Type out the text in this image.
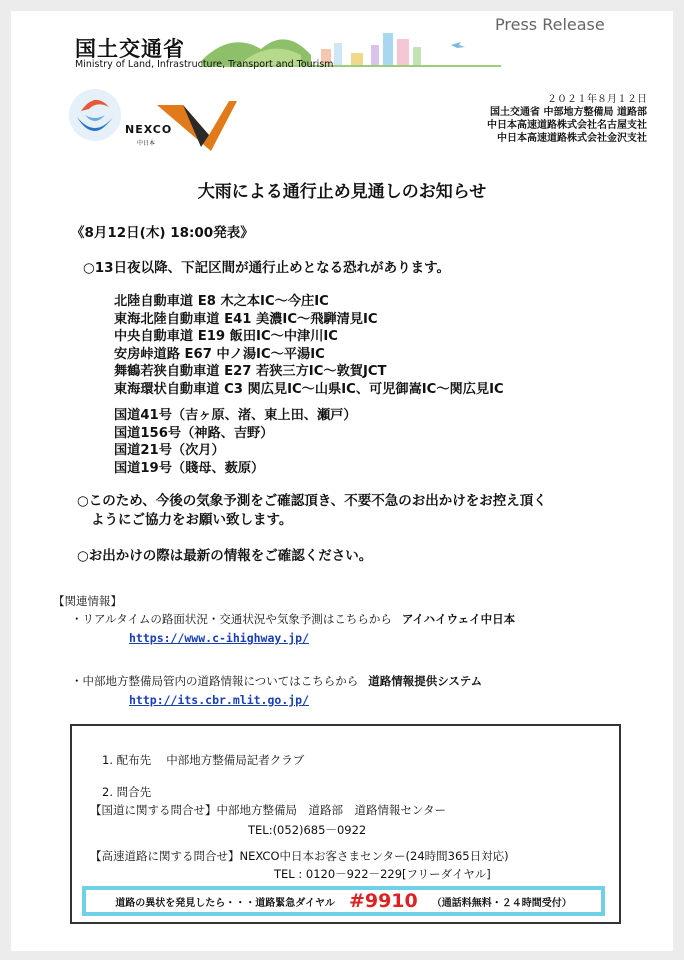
国土交通省
Ministry of Land, Infrastructure, Transport and Tourism
Press Release
NEXCO
中日本
２０２１年８月１２日
国土交通省 中部地方整備局 道路部
中日本高速道路株式会社名古屋支社
中日本高速道路株式会社金沢支社
大雨による通行止め見通しのお知らせ
《8月12日(木) 18:00発表》
○13日夜以降、下記区間が通行止めとなる恐れがあります。
北陸自動車道 E8 木之本IC～今庄IC
東海北陸自動車道 E41 美濃IC～飛騨清見IC
中央自動車道 E19 飯田IC～中津川IC
安房峠道路 E67 中ノ湯IC～平湯IC
舞鶴若狭自動車道 E27 若狭三方IC～敦賀JCT
東海環状自動車道 C3 関広見IC～山県IC、可児御嵩IC～関広見IC
国道41号（吉ヶ原、渚、東上田、瀬戸）
国道156号（神路、吉野）
国道21号（次月）
国道19号（賤母、薮原）
○このため、今後の気象予測をご確認頂き、不要不急のお出かけをお控え頂く
ようにご協力をお願い致します。
○お出かけの際は最新の情報をご確認ください。
【関連情報】
・リアルタイムの路面状況・交通状況や気象予測はこちらから アイハイウェイ中日本
https://www.c-ihighway.jp/
・中部地方整備局管内の道路情報についてはこちらから 道路情報提供システム
http://its.cbr.mlit.go.jp/
1. 配布先　 中部地方整備局記者クラブ
2. 問合先
【国道に関する問合せ】中部地方整備局　道路部　道路情報センター
TEL:(052)685－0922
【高速道路に関する問合せ】NEXCO中日本お客さまセンター(24時間365日対応)
TEL : 0120－922－229[フリーダイヤル]
道路の異状を発見したら・・・道路緊急ダイヤル #9910 （通話料無料・２４時間受付）
